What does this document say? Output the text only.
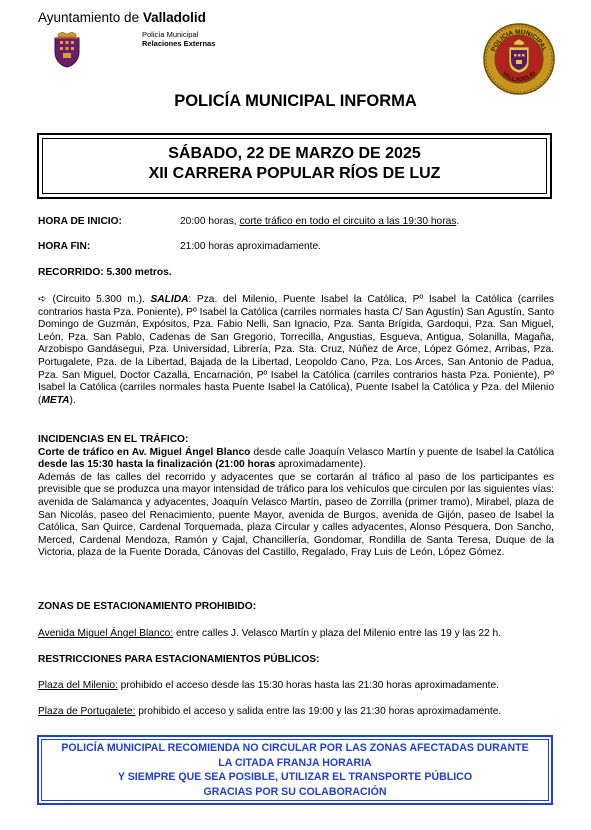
Ayuntamiento de Valladolid
Policía Municipal
Relaciones Externas
POLICIA MUNICIPAL
VALLADOLID
POLICÍA MUNICIPAL INFORMA
SÁBADO, 22 DE MARZO DE 2025
XII CARRERA POPULAR RÍOS DE LUZ
HORA DE INICIO:	20:00 horas, corte tráfico en todo el circuito a las 19:30 horas.
HORA FIN:	21:00 horas aproximadamente.
RECORRIDO: 5.300 metros.
➪ (Circuito 5.300 m.). SALIDA: Pza. del Milenio, Puente Isabel la Católica, Pº Isabel la Católica (carriles contrarios hasta Pza. Poniente), Pº Isabel la Católica (carriles normales hasta C/ San Agustín) San Agustín, Santo Domingo de Guzmán, Expósitos, Pza. Fabio Nelli, San Ignacio, Pza. Santa Brígida, Gardoqui, Pza. San Miguel, León, Pza. San Pablo, Cadenas de San Gregorio, Torrecilla, Angustias, Esgueva, Antigua, Solanilla, Magaña, Arzobispo Gandásegui, Pza. Universidad, Librería, Pza. Sta. Cruz, Núñez de Arce, López Gómez, Arribas, Pza. Portugalete, Pza. de la Libertad, Bajada de la Libertad, Leopoldo Cano, Pza. Los Arces, San Antonio de Padua, Pza. San Miguel, Doctor Cazalla, Encarnación, Pº Isabel la Católica (carriles contrarios hasta Pza. Poniente), Pº Isabel la Católica (carriles normales hasta Puente Isabel la Católica), Puente Isabel la Católica y Pza. del Milenio (META).
INCIDENCIAS EN EL TRÁFICO:
Corte de tráfico en Av. Miguel Ángel Blanco desde calle Joaquín Velasco Martín y puente de Isabel la Católica desde las 15:30 hasta la finalización (21:00 horas aproximadamente).
Además de las calles del recorrido y adyacentes que se cortarán al tráfico al paso de los participantes es previsible que se produzca una mayor intensidad de tráfico para los vehículos que circulen por las siguientes vías: avenida de Salamanca y adyacentes, Joaquín Velasco Martín, paseo de Zorrilla (primer tramo), Mirabel, plaza de San Nicolás, paseo del Renacimiento, puente Mayor, avenida de Burgos, avenida de Gijón, paseo de Isabel la Católica, San Quirce, Cardenal Torquemada, plaza Circular y calles adyacentes, Alonso Pesquera, Don Sancho, Merced, Cardenal Mendoza, Ramón y Cajal, Chancillería, Gondomar, Rondilla de Santa Teresa, Duque de la Victoria, plaza de la Fuente Dorada, Cánovas del Castillo, Regalado, Fray Luis de León, López Gómez.
ZONAS DE ESTACIONAMIENTO PROHIBIDO:
Avenida Miguel Ángel Blanco: entre calles J. Velasco Martín y plaza del Milenio entre las 19 y las 22 h.
RESTRICCIONES PARA ESTACIONAMIENTOS PÚBLICOS:
Plaza del Milenio: prohibido el acceso desde las 15:30 horas hasta las 21:30 horas aproximadamente.
Plaza de Portugalete: prohibido el acceso y salida entre las 19:00 y las 21:30 horas aproximadamente.
POLICÍA MUNICIPAL RECOMIENDA NO CIRCULAR POR LAS ZONAS AFECTADAS DURANTE
LA CITADA FRANJA HORARIA
Y SIEMPRE QUE SEA POSIBLE, UTILIZAR EL TRANSPORTE PÚBLICO
GRACIAS POR SU COLABORACIÓN
